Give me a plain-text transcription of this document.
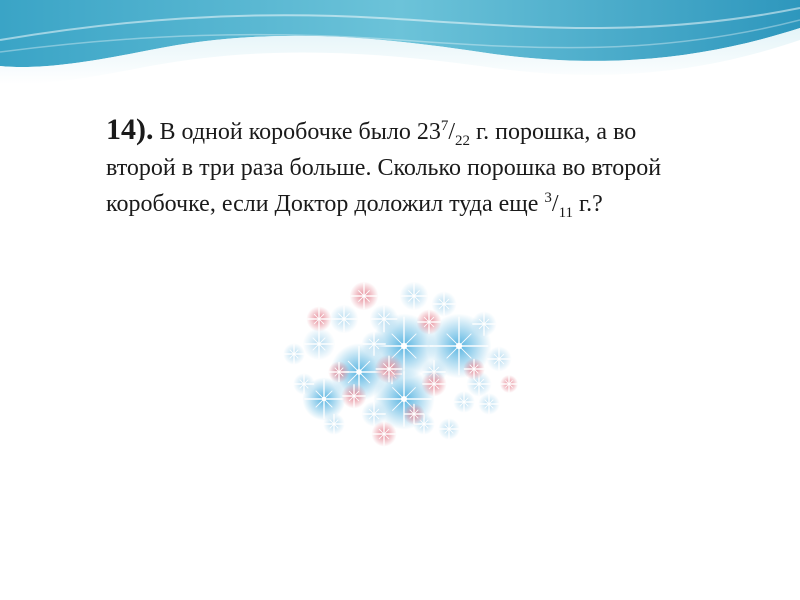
14). В одной коробочке было $23^7/_{22}$ г. порошка, а во
второй в три раза больше. Сколько порошка во второй
коробочке, если Доктор доложил туда еще $^3/_{11}$ г.?
